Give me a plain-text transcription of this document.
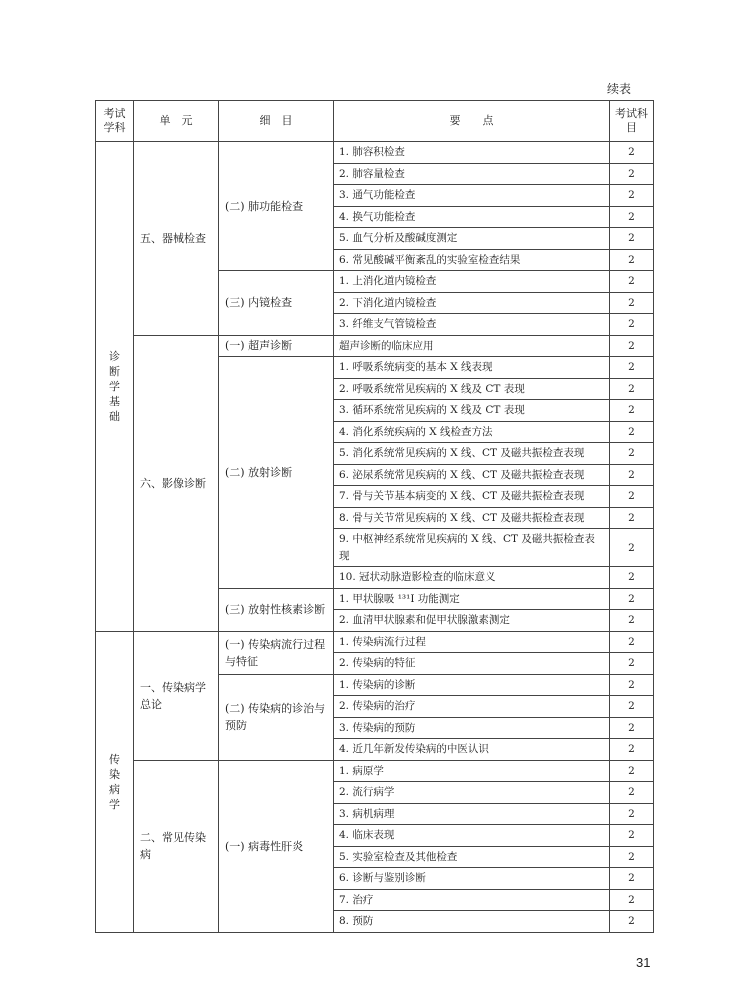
续表
考试学科	单　元	细　目	要　　点	考试科目
诊断学基础	五、器械检查	(二) 肺功能检查	1. 肺容积检查	2
			2. 肺容量检查	2
			3. 通气功能检查	2
			4. 换气功能检查	2
			5. 血气分析及酸碱度测定	2
			6. 常见酸碱平衡紊乱的实验室检查结果	2
		(三) 内镜检查	1. 上消化道内镜检查	2
			2. 下消化道内镜检查	2
			3. 纤维支气管镜检查	2
	六、影像诊断	(一) 超声诊断	超声诊断的临床应用	2
		(二) 放射诊断	1. 呼吸系统病变的基本 X 线表现	2
			2. 呼吸系统常见疾病的 X 线及 CT 表现	2
			3. 循环系统常见疾病的 X 线及 CT 表现	2
			4. 消化系统疾病的 X 线检查方法	2
			5. 消化系统常见疾病的 X 线、CT 及磁共振检查表现	2
			6. 泌尿系统常见疾病的 X 线、CT 及磁共振检查表现	2
			7. 骨与关节基本病变的 X 线、CT 及磁共振检查表现	2
			8. 骨与关节常见疾病的 X 线、CT 及磁共振检查表现	2
			9. 中枢神经系统常见疾病的 X 线、CT 及磁共振检查表现	2
			10. 冠状动脉造影检查的临床意义	2
		(三) 放射性核素诊断	1. 甲状腺吸 ¹³¹I 功能测定	2
			2. 血清甲状腺素和促甲状腺激素测定	2
传染病学	一、传染病学总论	(一) 传染病流行过程与特征	1. 传染病流行过程	2
			2. 传染病的特征	2
		(二) 传染病的诊治与预防	1. 传染病的诊断	2
			2. 传染病的治疗	2
			3. 传染病的预防	2
			4. 近几年新发传染病的中医认识	2
	二、常见传染病	(一) 病毒性肝炎	1. 病原学	2
			2. 流行病学	2
			3. 病机病理	2
			4. 临床表现	2
			5. 实验室检查及其他检查	2
			6. 诊断与鉴别诊断	2
			7. 治疗	2
			8. 预防	2
31
